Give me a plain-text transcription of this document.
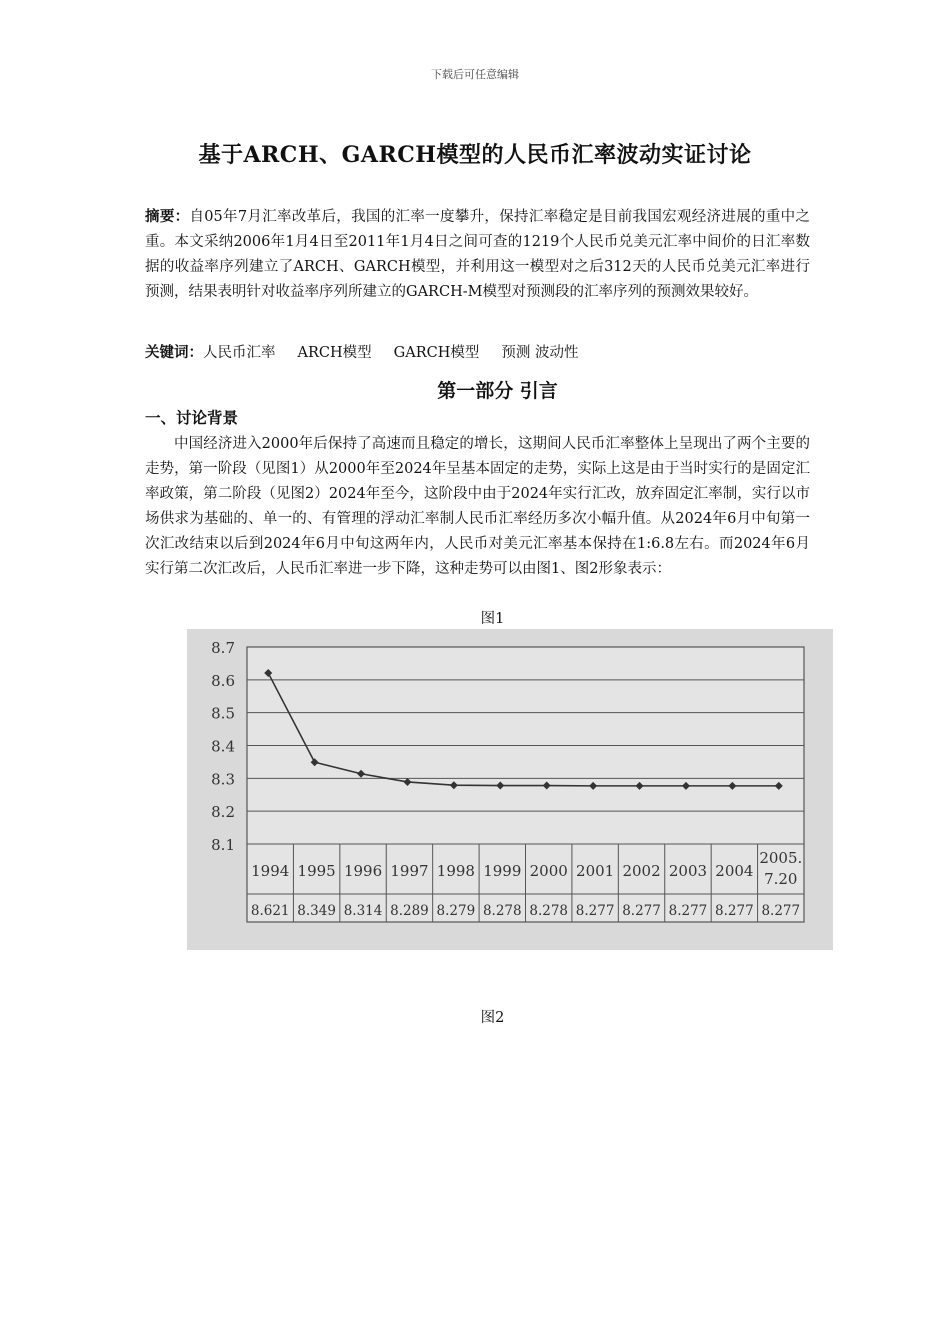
下载后可任意编辑
基于ARCH、GARCH模型的人民币汇率波动实证讨论
摘要：自05年7月汇率改革后，我国的汇率一度攀升，保持汇率稳定是目前我国宏观经济进展的重中之重。本文采纳2006年1月4日至2011年1月4日之间可查的1219个人民币兑美元汇率中间价的日汇率数据的收益率序列建立了ARCH、GARCH模型，并利用这一模型对之后312天的人民币兑美元汇率进行预测，结果表明针对收益率序列所建立的GARCH-M模型对预测段的汇率序列的预测效果较好。
关键词：人民币汇率 ARCH模型 GARCH模型 预测 波动性
第一部分 引言
一、讨论背景
中国经济进入2000年后保持了高速而且稳定的增长，这期间人民币汇率整体上呈现出了两个主要的走势，第一阶段（见图1）从2000年至2024年呈基本固定的走势，实际上这是由于当时实行的是固定汇率政策，第二阶段（见图2）2024年至今，这阶段中由于2024年实行汇改，放弃固定汇率制，实行以市场供求为基础的、单一的、有管理的浮动汇率制人民币汇率经历多次小幅升值。从2024年6月中旬第一次汇改结束以后到2024年6月中旬这两年内，人民币对美元汇率基本保持在1:6.8左右。而2024年6月实行第二次汇改后，人民币汇率进一步下降，这种走势可以由图1、图2形象表示：
图1
8.7
8.6
8.5
8.4
8.3
8.2
8.1
1994 1995 1996 1997 1998 1999 2000 2001 2002 2003 2004
2005.
7.20
8.621 8.349 8.314 8.289 8.279 8.278 8.278 8.277 8.277 8.277 8.277 8.277
图2
